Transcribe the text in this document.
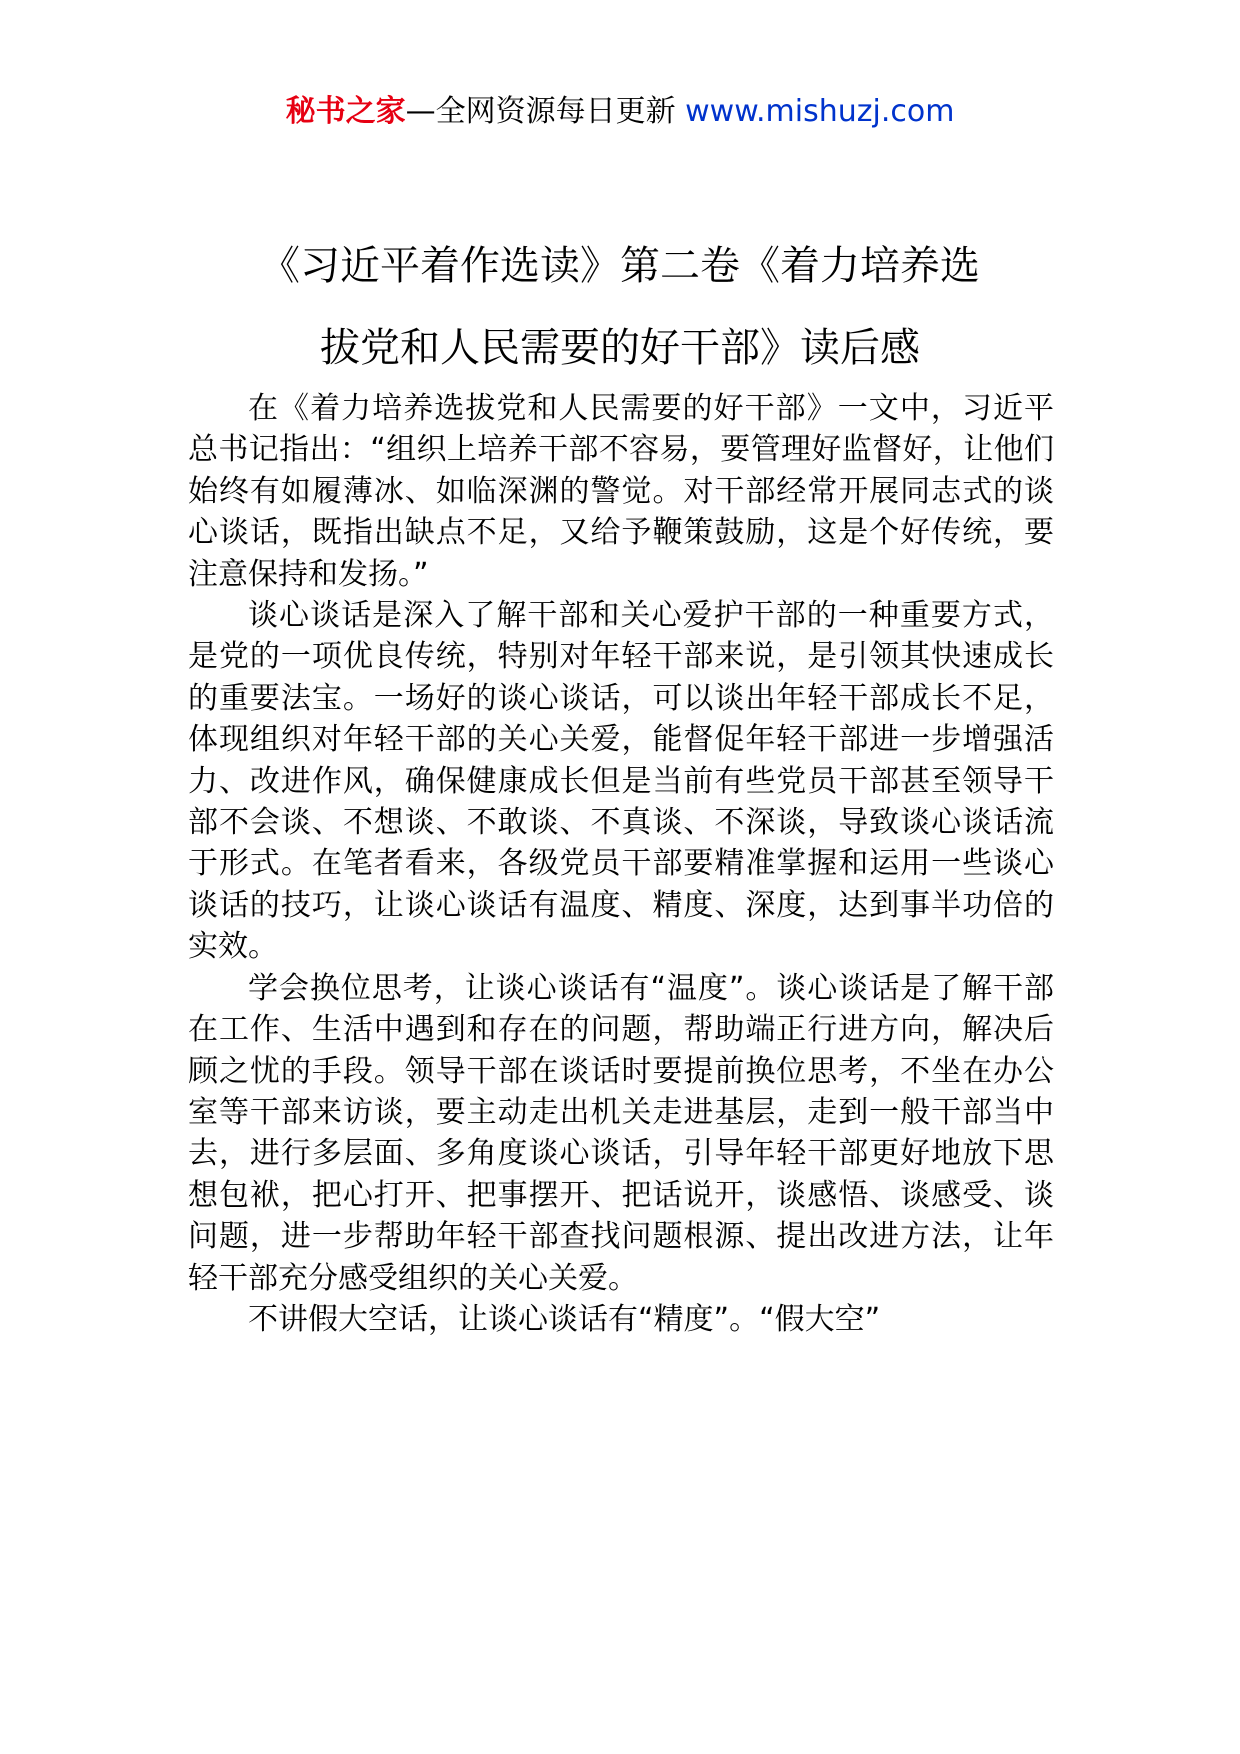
秘书之家—全网资源每日更新 www.mishuzj.com
《习近平着作选读》第二卷《着力培养选
拔党和人民需要的好干部》读后感

在《着力培养选拔党和人民需要的好干部》一文中，习近平总书记指出：“组织上培养干部不容易，要管理好监督好，让他们始终有如履薄冰、如临深渊的警觉。对干部经常开展同志式的谈心谈话，既指出缺点不足，又给予鞭策鼓励，这是个好传统，要注意保持和发扬。”

谈心谈话是深入了解干部和关心爱护干部的一种重要方式，是党的一项优良传统，特别对年轻干部来说，是引领其快速成长的重要法宝。一场好的谈心谈话，可以谈出年轻干部成长不足，体现组织对年轻干部的关心关爱，能督促年轻干部进一步增强活力、改进作风，确保健康成长但是当前有些党员干部甚至领导干部不会谈、不想谈、不敢谈、不真谈、不深谈，导致谈心谈话流于形式。在笔者看来，各级党员干部要精准掌握和运用一些谈心谈话的技巧，让谈心谈话有温度、精度、深度，达到事半功倍的实效。

学会换位思考，让谈心谈话有“温度”。谈心谈话是了解干部在工作、生活中遇到和存在的问题，帮助端正行进方向，解决后顾之忧的手段。领导干部在谈话时要提前换位思考，不坐在办公室等干部来访谈，要主动走出机关走进基层，走到一般干部当中去，进行多层面、多角度谈心谈话，引导年轻干部更好地放下思想包袱，把心打开、把事摆开、把话说开，谈感悟、谈感受、谈问题，进一步帮助年轻干部查找问题根源、提出改进方法，让年轻干部充分感受组织的关心关爱。

不讲假大空话，让谈心谈话有“精度”。“假大空”
